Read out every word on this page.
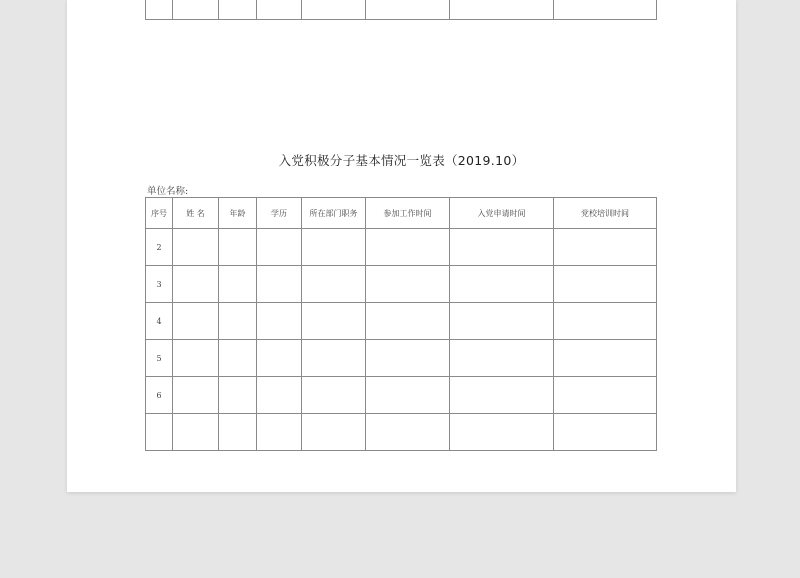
入党积极分子基本情况一览表（2019.10）
单位名称:
序号	姓 名	年龄	学历	所在部门职务	参加工作时间	入党申请时间	党校培训时间
2							
3							
4							
5							
6							
